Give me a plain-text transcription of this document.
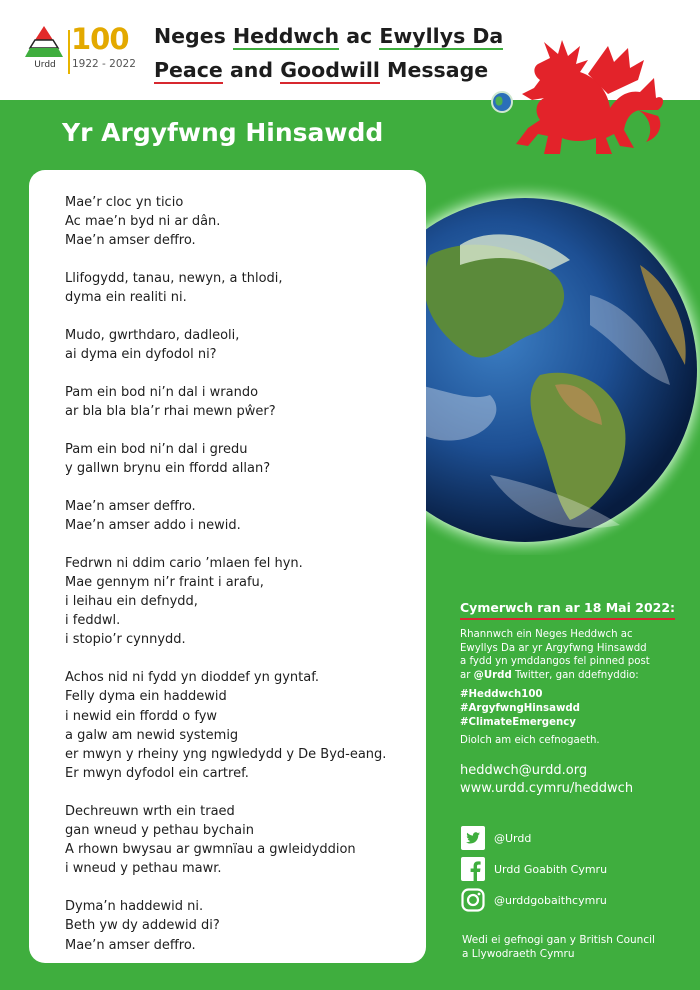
Urdd
100
1922 - 2022
Neges Heddwch ac Ewyllys Da
Peace and Goodwill Message
Yr Argyfwng Hinsawdd
Mae’r cloc yn ticio
Ac mae’n byd ni ar dân.
Mae’n amser deffro.
Llifogydd, tanau, newyn, a thlodi,
dyma ein realiti ni.
Mudo, gwrthdaro, dadleoli,
ai dyma ein dyfodol ni?
Pam ein bod ni’n dal i wrando
ar bla bla bla’r rhai mewn pŵer?
Pam ein bod ni’n dal i gredu
y gallwn brynu ein ffordd allan?
Mae’n amser deffro.
Mae’n amser addo i newid.
Fedrwn ni ddim cario ’mlaen fel hyn.
Mae gennym ni’r fraint i arafu,
i leihau ein defnydd,
i feddwl.
i stopio’r cynnydd.
Achos nid ni fydd yn dioddef yn gyntaf.
Felly dyma ein haddewid
i newid ein ffordd o fyw
a galw am newid systemig
er mwyn y rheiny yng ngwledydd y De Byd-eang.
Er mwyn dyfodol ein cartref.
Dechreuwn wrth ein traed
gan wneud y pethau bychain
A rhown bwysau ar gwmnïau a gwleidyddion
i wneud y pethau mawr.
Dyma’n haddewid ni.
Beth yw dy addewid di?
Mae’n amser deffro.
Cymerwch ran ar 18 Mai 2022:
Rhannwch ein Neges Heddwch ac
Ewyllys Da ar yr Argyfwng Hinsawdd
a fydd yn ymddangos fel pinned post
ar @Urdd Twitter, gan ddefnyddio:
#Heddwch100
#ArgyfwngHinsawdd
#ClimateEmergency
Diolch am eich cefnogaeth.
heddwch@urdd.org
www.urdd.cymru/heddwch
@Urdd
Urdd Goabith Cymru
@urddgobaithcymru
Wedi ei gefnogi gan y British Council
a Llywodraeth Cymru
